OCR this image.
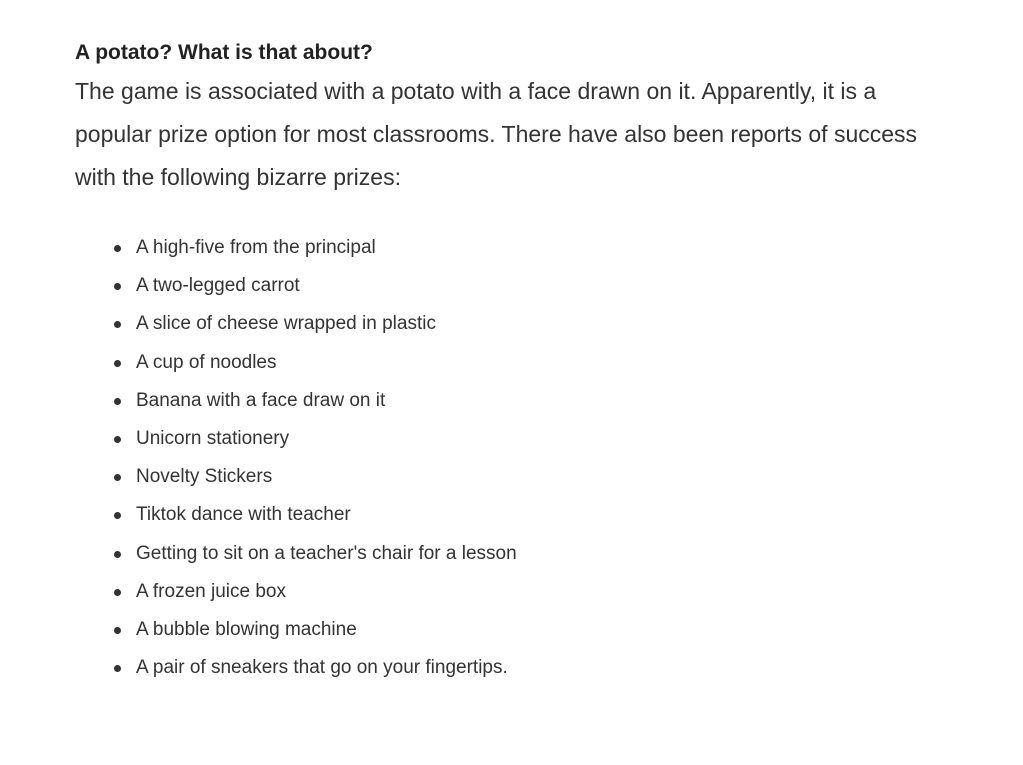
A potato? What is that about?

The game is associated with a potato with a face drawn on it. Apparently, it is a popular prize option for most classrooms. There have also been reports of success with the following bizarre prizes:

A high-five from the principal
A two-legged carrot
A slice of cheese wrapped in plastic
A cup of noodles
Banana with a face draw on it
Unicorn stationery
Novelty Stickers
Tiktok dance with teacher
Getting to sit on a teacher's chair for a lesson
A frozen juice box
A bubble blowing machine
A pair of sneakers that go on your fingertips.
